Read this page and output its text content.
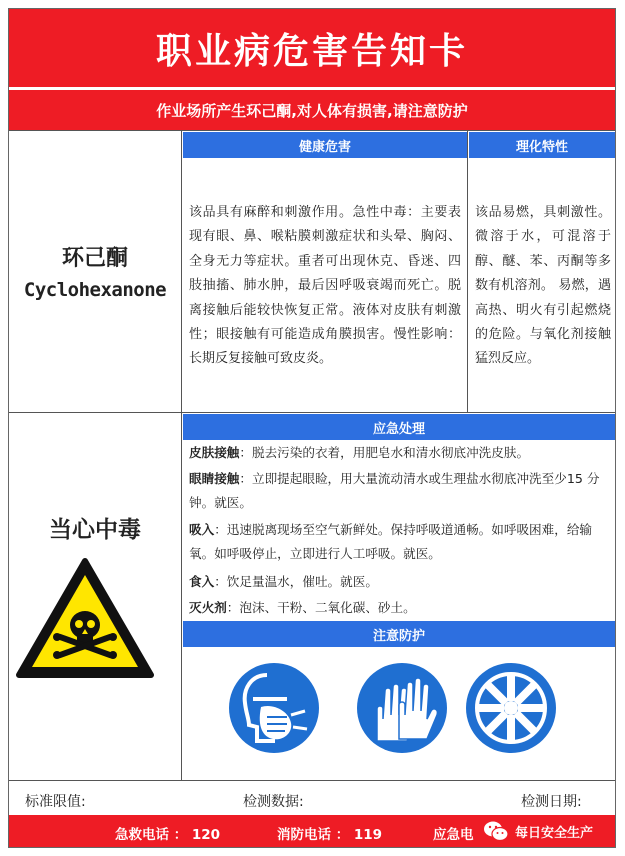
职业病危害告知卡
作业场所产生环己酮,对人体有损害,请注意防护
环己酮
Cyclohexanone
健康危害
该品具有麻醉和刺激作用。急性中毒：主要表现有眼、鼻、喉粘膜刺激症状和头晕、胸闷、全身无力等症状。重者可出现休克、昏迷、四肢抽搐、肺水肿，最后因呼吸衰竭而死亡。脱离接触后能较快恢复正常。液体对皮肤有刺激性；眼接触有可能造成角膜损害。慢性影响：长期反复接触可致皮炎。
理化特性
该品易燃，具刺激性。微溶于水，可混溶于醇、醚、苯、丙酮等多数有机溶剂。 易燃，遇高热、明火有引起燃烧的危险。与氧化剂接触猛烈反应。
当心中毒
应急处理
皮肤接触：脱去污染的衣着，用肥皂水和清水彻底冲洗皮肤。
眼睛接触：立即提起眼睑，用大量流动清水或生理盐水彻底冲洗至少15 分钟。就医。
吸入：迅速脱离现场至空气新鲜处。保持呼吸道通畅。如呼吸困难，给输氧。如呼吸停止，立即进行人工呼吸。就医。
食入：饮足量温水，催吐。就医。
灭火剂：泡沫、干粉、二氧化碳、砂土。
注意防护
标准限值:	检测数据:	检测日期:
急救电话 ： 120	消防电话 ： 119	应急电	每日安全生产
